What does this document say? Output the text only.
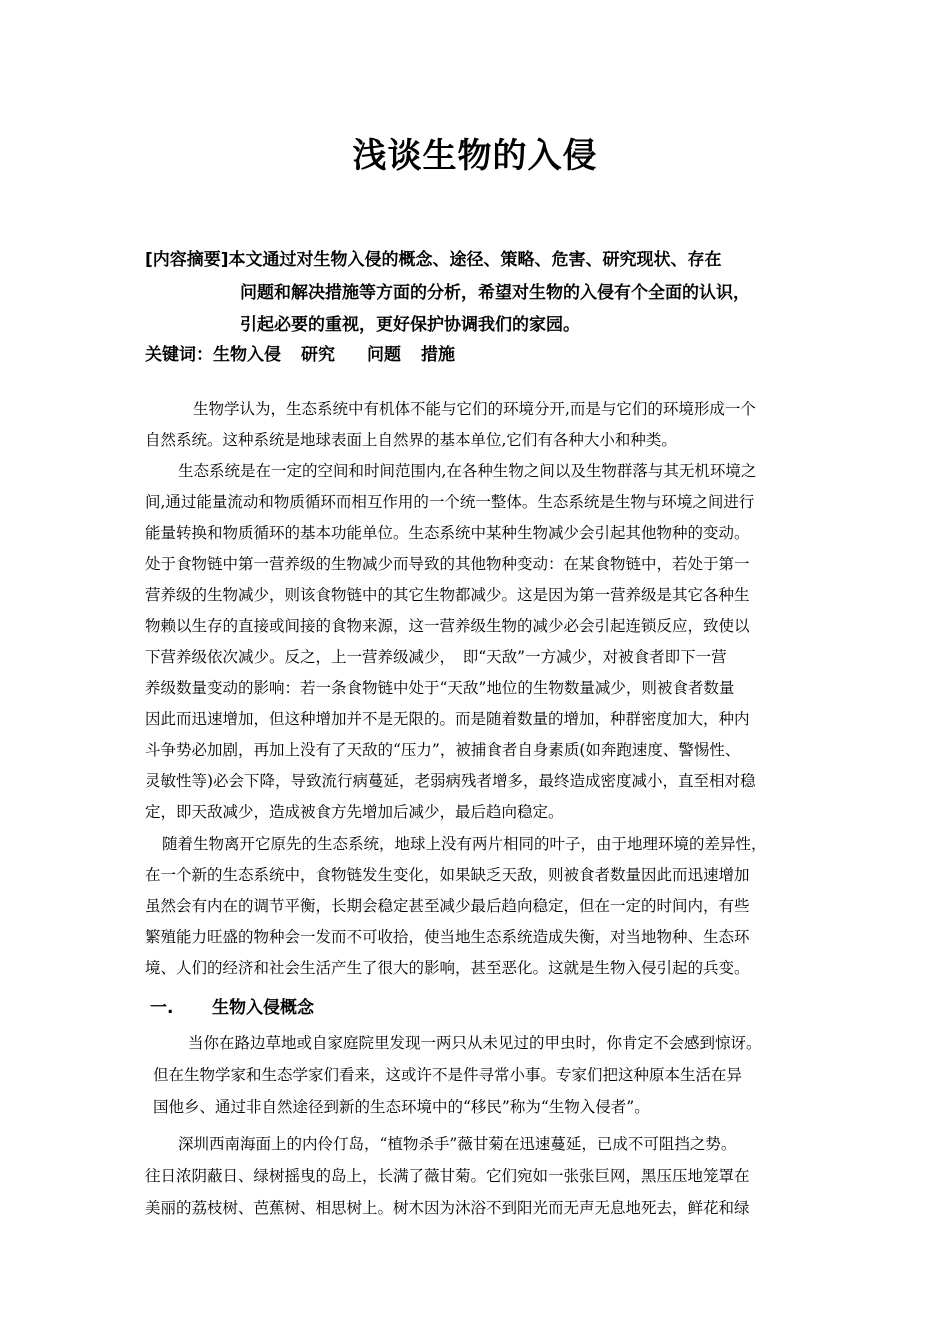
浅谈生物的入侵
[内容摘要]本文通过对生物入侵的概念、途径、策略、危害、研究现状、存在
问题和解决措施等方面的分析，希望对生物的入侵有个全面的认识，
引起必要的重视，更好保护协调我们的家园。
关键词：生物入侵 研究 问题 措施
生物学认为，生态系统中有机体不能与它们的环境分开,而是与它们的环境形成一个
自然系统。这种系统是地球表面上自然界的基本单位,它们有各种大小和种类。
生态系统是在一定的空间和时间范围内,在各种生物之间以及生物群落与其无机环境之
间,通过能量流动和物质循环而相互作用的一个统一整体。生态系统是生物与环境之间进行
能量转换和物质循环的基本功能单位。生态系统中某种生物减少会引起其他物种的变动。
处于食物链中第一营养级的生物减少而导致的其他物种变动：在某食物链中，若处于第一
营养级的生物减少，则该食物链中的其它生物都减少。这是因为第一营养级是其它各种生
物赖以生存的直接或间接的食物来源，这一营养级生物的减少必会引起连锁反应，致使以
下营养级依次减少。反之，上一营养级减少，　即“天敌”一方减少，对被食者即下一营
养级数量变动的影响：若一条食物链中处于“天敌”地位的生物数量减少，则被食者数量
因此而迅速增加，但这种增加并不是无限的。而是随着数量的增加，种群密度加大，种内
斗争势必加剧，再加上没有了天敌的“压力”，被捕食者自身素质(如奔跑速度、警惕性、
灵敏性等)必会下降，导致流行病蔓延，老弱病残者增多，最终造成密度减小，直至相对稳
定，即天敌减少，造成被食方先增加后减少，最后趋向稳定。
随着生物离开它原先的生态系统，地球上没有两片相同的叶子，由于地理环境的差异性，
在一个新的生态系统中，食物链发生变化，如果缺乏天敌，则被食者数量因此而迅速增加
虽然会有内在的调节平衡，长期会稳定甚至减少最后趋向稳定，但在一定的时间内，有些
繁殖能力旺盛的物种会一发而不可收拾，使当地生态系统造成失衡，对当地物种、生态环
境、人们的经济和社会生活产生了很大的影响，甚至恶化。这就是生物入侵引起的兵变。
一. 生物入侵概念
当你在路边草地或自家庭院里发现一两只从未见过的甲虫时，你肯定不会感到惊讶。
但在生物学家和生态学家们看来，这或许不是件寻常小事。专家们把这种原本生活在异
国他乡、通过非自然途径到新的生态环境中的“移民”称为“生物入侵者”。
深圳西南海面上的内伶仃岛，“植物杀手”薇甘菊在迅速蔓延，已成不可阻挡之势。
往日浓阴蔽日、绿树摇曳的岛上，长满了薇甘菊。它们宛如一张张巨网，黑压压地笼罩在
美丽的荔枝树、芭蕉树、相思树上。树木因为沐浴不到阳光而无声无息地死去，鲜花和绿
